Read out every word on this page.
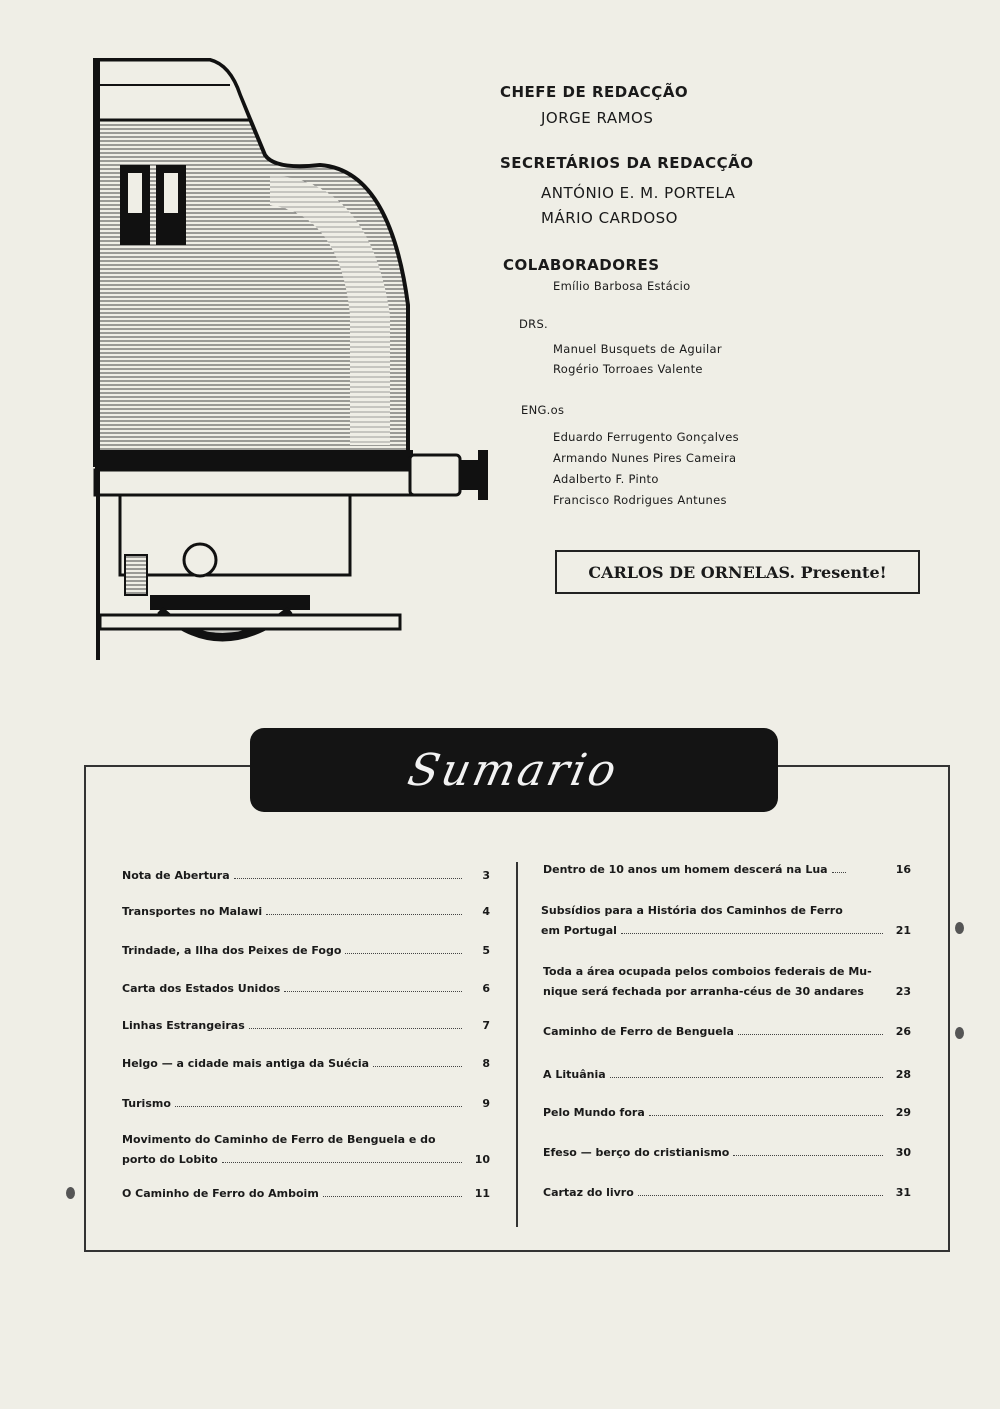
CHEFE DE REDACÇÃO
JORGE RAMOS
SECRETÁRIOS DA REDACÇÃO
ANTÓNIO E. M. PORTELA
MÁRIO CARDOSO
COLABORADORES
Emílio Barbosa Estácio
DRS.
Manuel Busquets de Aguilar
Rogério Torroaes Valente
ENG.os
Eduardo Ferrugento Gonçalves
Armando Nunes Pires Cameira
Adalberto F. Pinto
Francisco Rodrigues Antunes
CARLOS DE ORNELAS. Presente!
Sumario
Nota de Abertura	3
Transportes no Malawi	4
Trindade, a Ilha dos Peixes de Fogo	5
Carta dos Estados Unidos	6
Linhas Estrangeiras	7
Helgo — a cidade mais antiga da Suécia	8
Turismo	9
Movimento do Caminho de Ferro de Benguela e do
porto do Lobito	10
O Caminho de Ferro do Amboim	11
Dentro de 10 anos um homem descerá na Lua	16
Subsídios para a História dos Caminhos de Ferro
em Portugal	21
Toda a área ocupada pelos comboios federais de Mu-
nique será fechada por arranha-céus de 30 andares	23
Caminho de Ferro de Benguela	26
A Lituânia	28
Pelo Mundo fora	29
Efeso — berço do cristianismo	30
Cartaz do livro	31
